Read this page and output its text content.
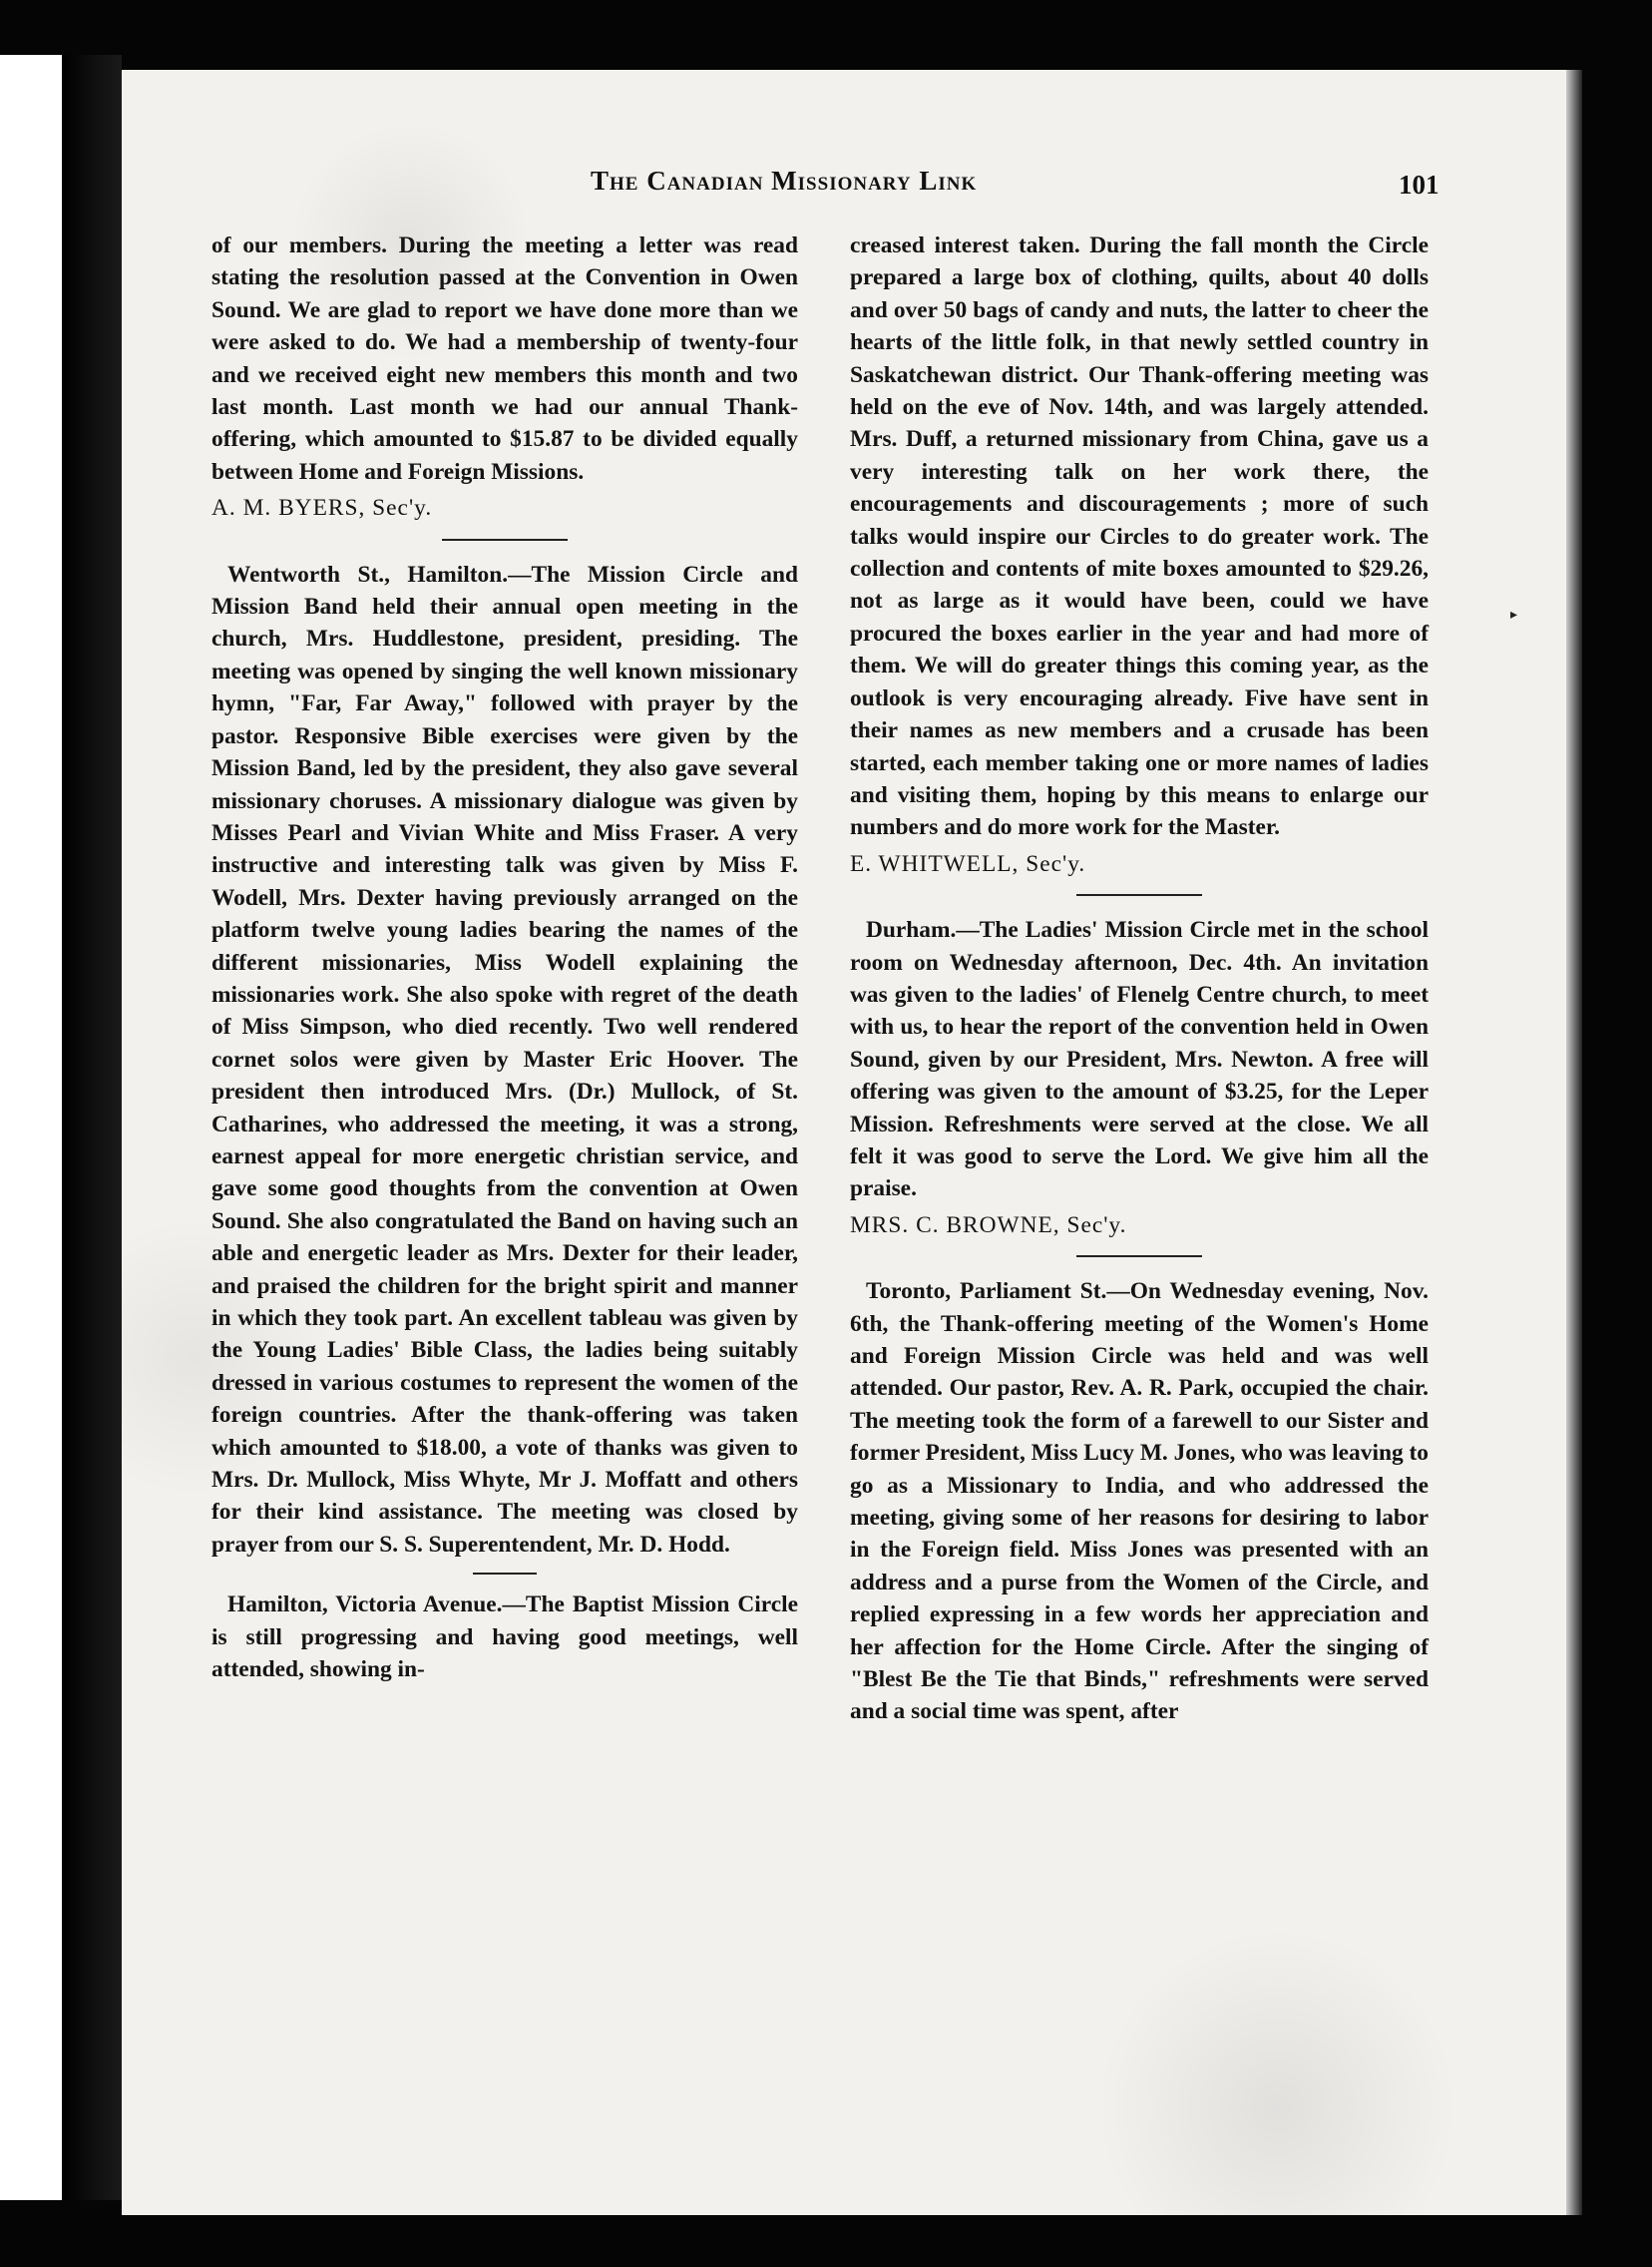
The Canadian Missionary Link	101

of our members. During the meeting a letter was read stating the resolution passed at the Convention in Owen Sound. We are glad to report we have done more than we were asked to do. We had a membership of twenty-four and we received eight new members this month and two last month. Last month we had our annual Thank-offering, which amounted to $15.87 to be divided equally between Home and Foreign Missions.

A. M. BYERS, Sec'y.

Wentworth St., Hamilton.—The Mission Circle and Mission Band held their annual open meeting in the church, Mrs. Huddlestone, president, presiding. The meeting was opened by singing the well known missionary hymn, "Far, Far Away," followed with prayer by the pastor. Responsive Bible exercises were given by the Mission Band, led by the president, they also gave several missionary choruses. A missionary dialogue was given by Misses Pearl and Vivian White and Miss Fraser. A very instructive and interesting talk was given by Miss F. Wodell, Mrs. Dexter having previously arranged on the platform twelve young ladies bearing the names of the different missionaries, Miss Wodell explaining the missionaries work. She also spoke with regret of the death of Miss Simpson, who died recently. Two well rendered cornet solos were given by Master Eric Hoover. The president then introduced Mrs. (Dr.) Mullock, of St. Catharines, who addressed the meeting, it was a strong, earnest appeal for more energetic christian service, and gave some good thoughts from the convention at Owen Sound. She also congratulated the Band on having such an able and energetic leader as Mrs. Dexter for their leader, and praised the children for the bright spirit and manner in which they took part. An excellent tableau was given by the Young Ladies' Bible Class, the ladies being suitably dressed in various costumes to represent the women of the foreign countries. After the thank-offering was taken which amounted to $18.00, a vote of thanks was given to Mrs. Dr. Mullock, Miss Whyte, Mr J. Moffatt and others for their kind assistance. The meeting was closed by prayer from our S. S. Superentendent, Mr. D. Hodd.

Hamilton, Victoria Avenue.—The Baptist Mission Circle is still progressing and having good meetings, well attended, showing in-

creased interest taken. During the fall month the Circle prepared a large box of clothing, quilts, about 40 dolls and over 50 bags of candy and nuts, the latter to cheer the hearts of the little folk, in that newly settled country in Saskatchewan district. Our Thank-offering meeting was held on the eve of Nov. 14th, and was largely attended. Mrs. Duff, a returned missionary from China, gave us a very interesting talk on her work there, the encouragements and discouragements ; more of such talks would inspire our Circles to do greater work. The collection and contents of mite boxes amounted to $29.26, not as large as it would have been, could we have procured the boxes earlier in the year and had more of them. We will do greater things this coming year, as the outlook is very encouraging already. Five have sent in their names as new members and a crusade has been started, each member taking one or more names of ladies and visiting them, hoping by this means to enlarge our numbers and do more work for the Master.

E. WHITWELL, Sec'y.

Durham.—The Ladies' Mission Circle met in the school room on Wednesday afternoon, Dec. 4th. An invitation was given to the ladies' of Flenelg Centre church, to meet with us, to hear the report of the convention held in Owen Sound, given by our President, Mrs. Newton. A free will offering was given to the amount of $3.25, for the Leper Mission. Refreshments were served at the close. We all felt it was good to serve the Lord. We give him all the praise.

MRS. C. BROWNE, Sec'y.

Toronto, Parliament St.—On Wednesday evening, Nov. 6th, the Thank-offering meeting of the Women's Home and Foreign Mission Circle was held and was well attended. Our pastor, Rev. A. R. Park, occupied the chair. The meeting took the form of a farewell to our Sister and former President, Miss Lucy M. Jones, who was leaving to go as a Missionary to India, and who addressed the meeting, giving some of her reasons for desiring to labor in the Foreign field. Miss Jones was presented with an address and a purse from the Women of the Circle, and replied expressing in a few words her appreciation and her affection for the Home Circle. After the singing of "Blest Be the Tie that Binds," refreshments were served and a social time was spent, after

▸
